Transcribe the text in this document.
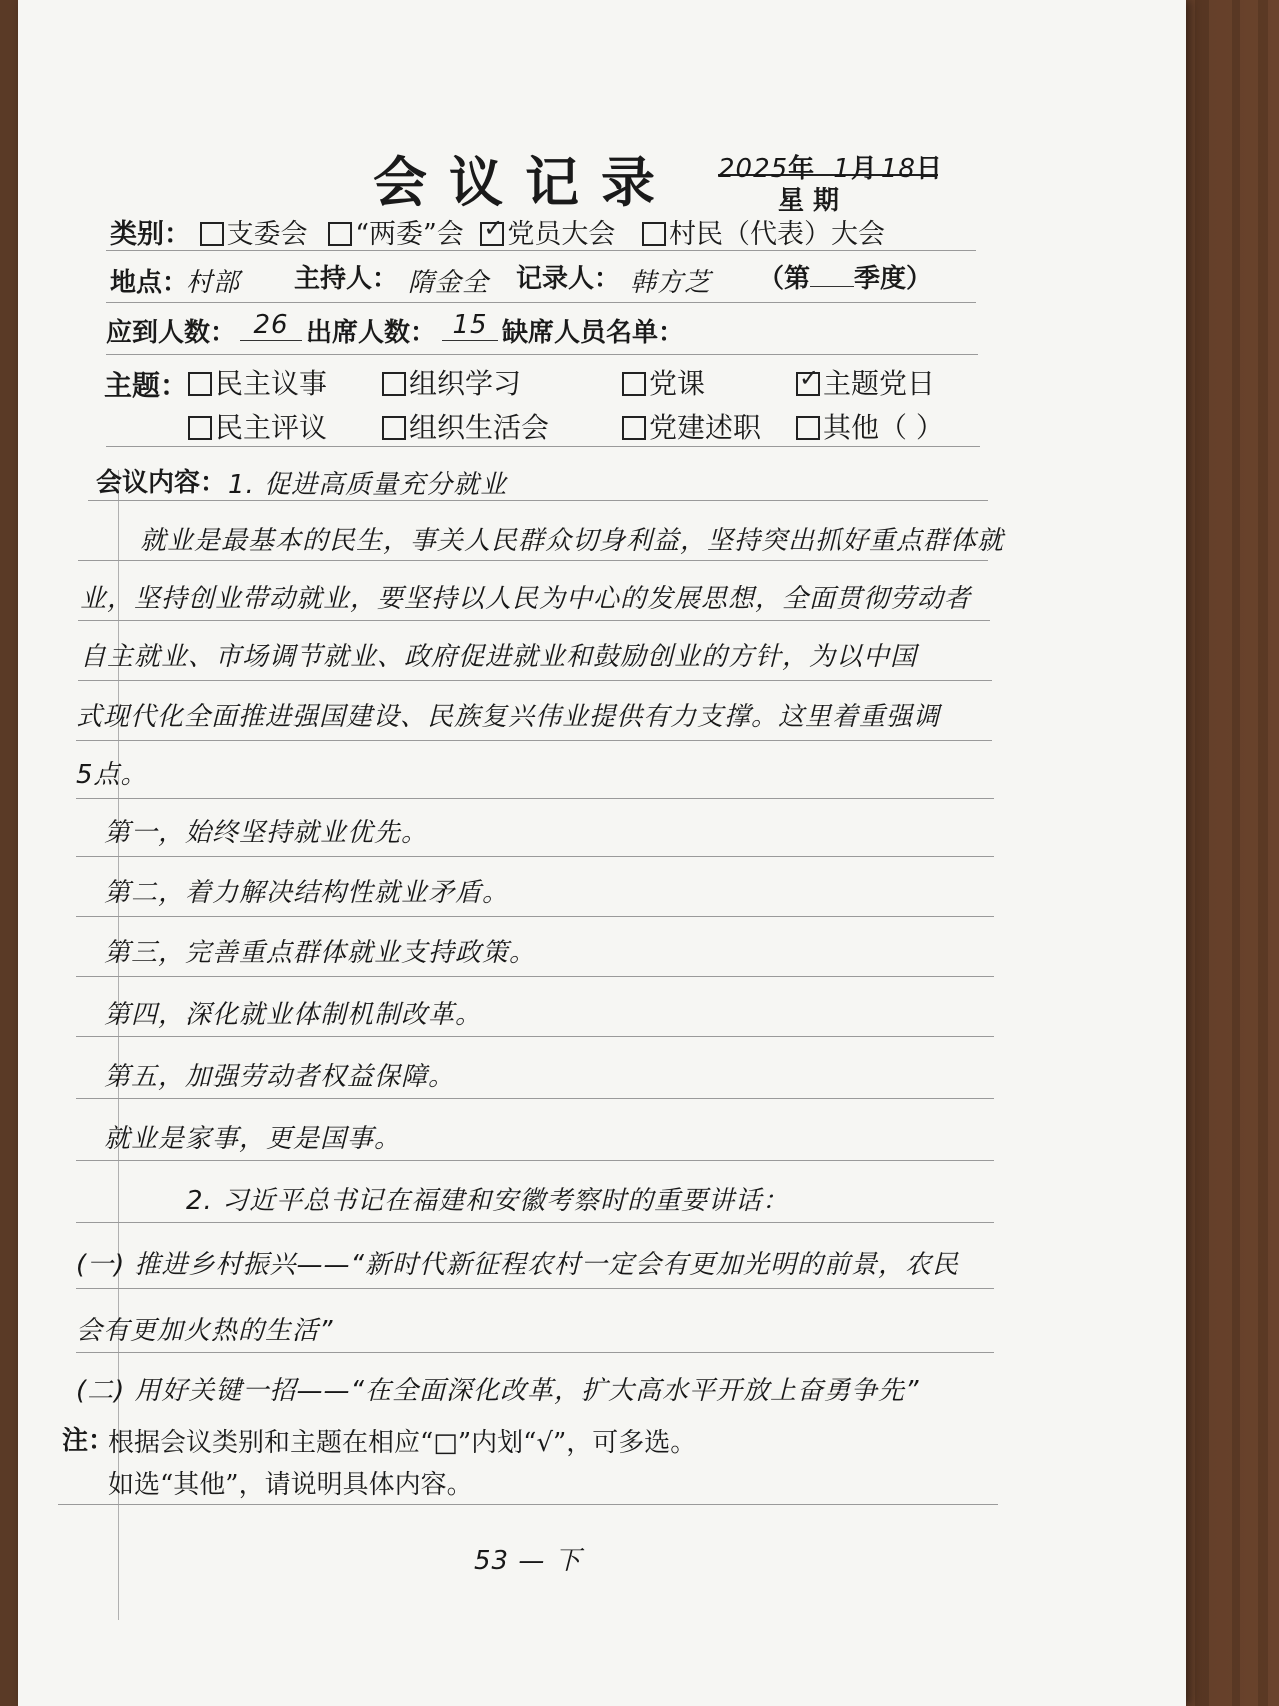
会议记录 2025年 1月 18日
星 期
类别： 支委会 “两委”会 ✓ 党员大会 村民（代表）大会
地点：
村部 主持人： 隋金全 记录人： 韩方芝 （第 季度）
应到人数： 26 出席人数： 15 缺席人员名单：
主题： 民主议事	组织学习	党课 ✓	主题党日
民主评议	组织生活会	党建述职	其他（ ）
会议内容： 1. 促进高质量充分就业
就业是最基本的民生，事关人民群众切身利益，坚持突出抓好重点群体就
业，坚持创业带动就业，要坚持以人民为中心的发展思想，全面贯彻劳动者
自主就业、市场调节就业、政府促进就业和鼓励创业的方针，为以中国
式现代化全面推进强国建设、民族复兴伟业提供有力支撑。这里着重强调
5点。
第一，始终坚持就业优先。
第二，着力解决结构性就业矛盾。
第三，完善重点群体就业支持政策。
第四，深化就业体制机制改革。
第五，加强劳动者权益保障。
就业是家事，更是国事。
2. 习近平总书记在福建和安徽考察时的重要讲话：
(一) 推进乡村振兴——“新时代新征程农村一定会有更加光明的前景，农民
会有更加火热的生活”
(二) 用好关键一招——“在全面深化改革，扩大高水平开放上奋勇争先”
注：
根据会议类别和主题在相应“□”内划“√”，可多选。
如选“其他”，请说明具体内容。
53 — 下
